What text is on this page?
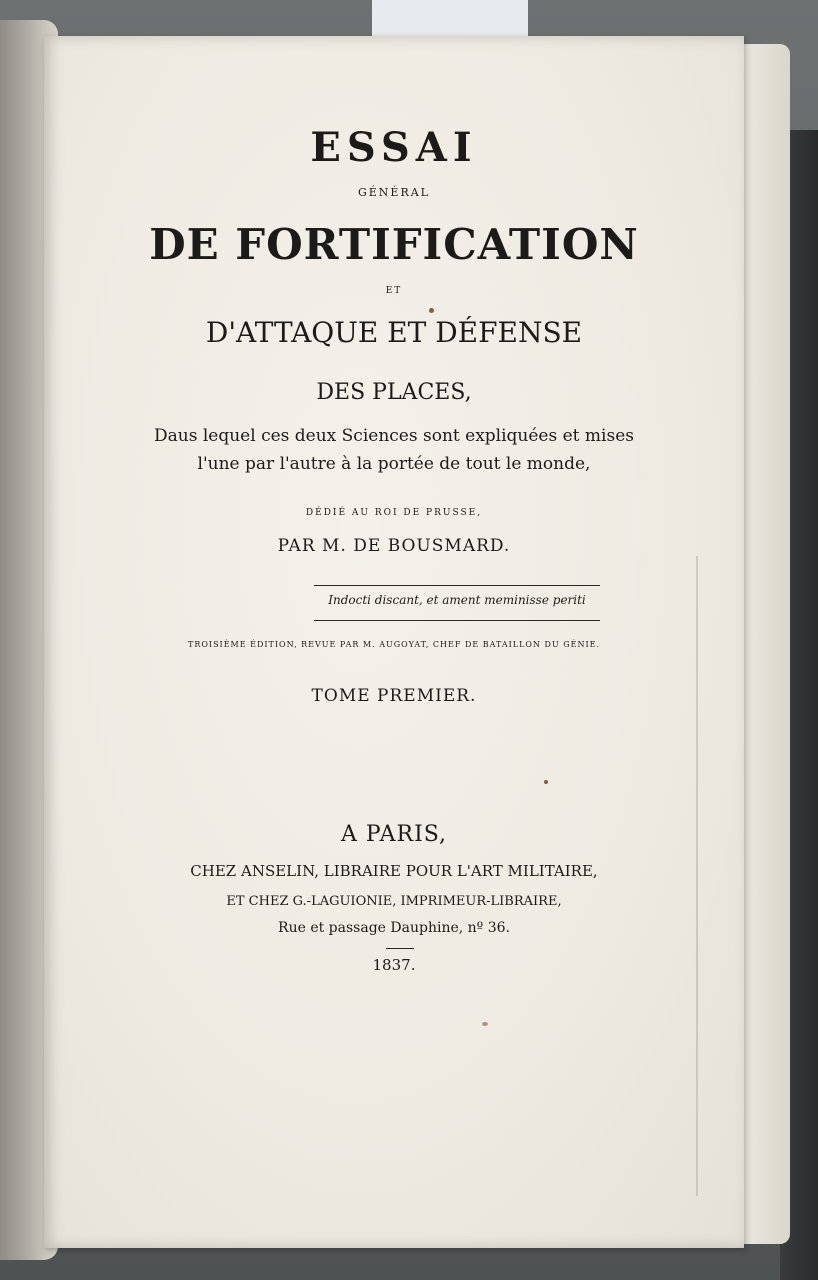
ESSAI
GÉNÉRAL
DE FORTIFICATION
ET
D'ATTAQUE ET DÉFENSE
DES PLACES,
Daus lequel ces deux Sciences sont expliquées et mises
l'une par l'autre à la portée de tout le monde,
DÉDIÉ AU ROI DE PRUSSE,
PAR M. DE BOUSMARD.
Indocti discant, et ament meminisse periti
TROISIÈME ÉDITION, REVUE PAR M. AUGOYAT, CHEF DE BATAILLON DU GÉNIE.
TOME PREMIER.
A PARIS,
CHEZ ANSELIN, LIBRAIRE POUR L'ART MILITAIRE,
ET CHEZ G.-LAGUIONIE, IMPRIMEUR-LIBRAIRE,
Rue et passage Dauphine, nº 36.
1837.
